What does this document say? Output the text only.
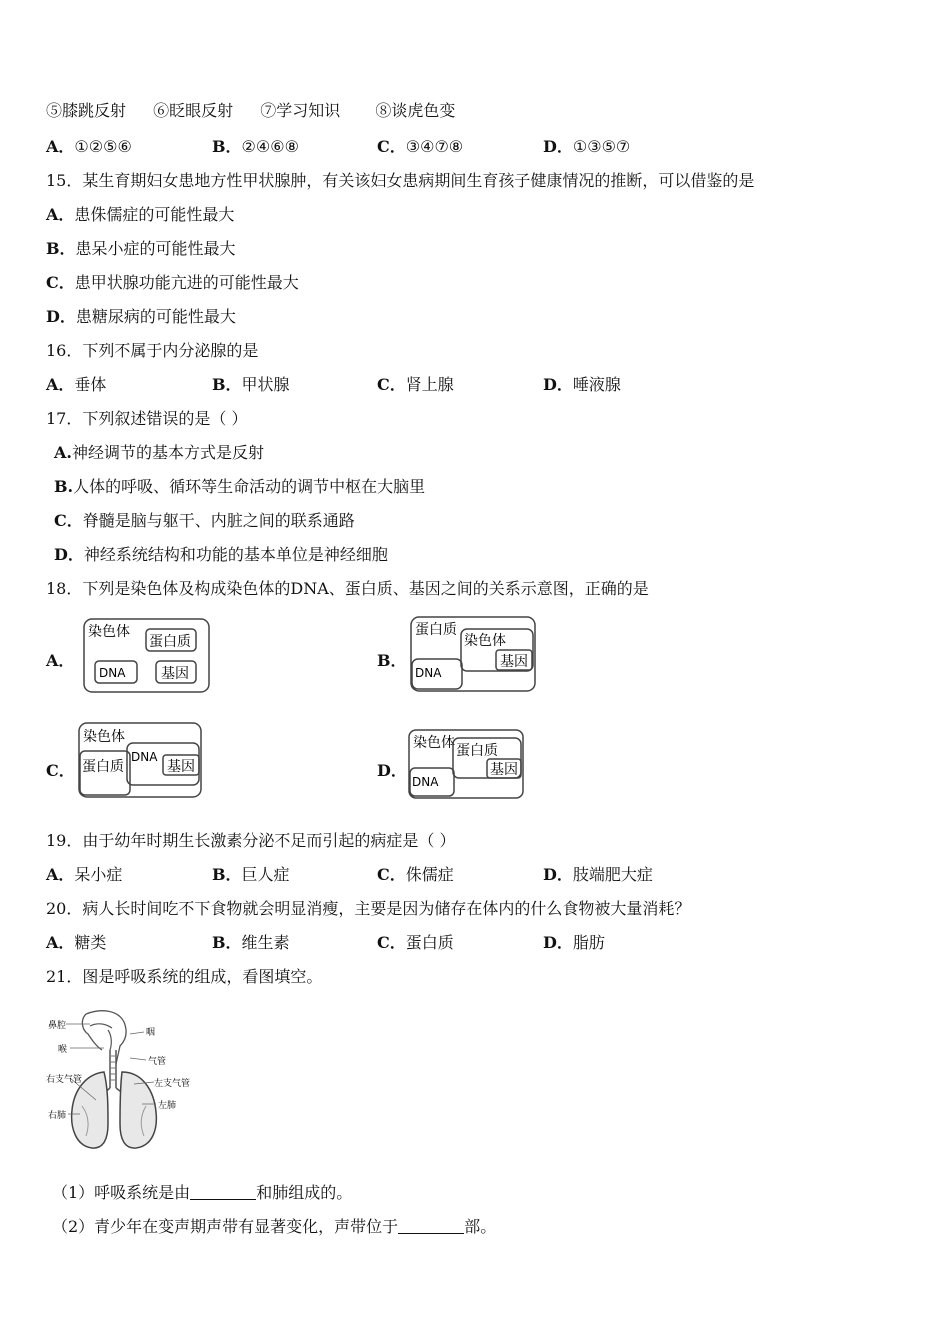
⑤膝跳反射 ⑥眨眼反射 ⑦学习知识 ⑧谈虎色变
A．①②⑤⑥	B．②④⑥⑧	C．③④⑦⑧	D．①③⑤⑦
15．某生育期妇女患地方性甲状腺肿，有关该妇女患病期间生育孩子健康情况的推断，可以借鉴的是
A．患侏儒症的可能性最大
B．患呆小症的可能性最大
C．患甲状腺功能亢进的可能性最大
D．患糖尿病的可能性最大
16．下列不属于内分泌腺的是
A．垂体	B．甲状腺	C．肾上腺	D．唾液腺
17．下列叙述错误的是（ ）
A.神经调节的基本方式是反射
B.人体的呼吸、循环等生命活动的调节中枢在大脑里
C．脊髓是脑与躯干、内脏之间的联系通路
D．神经系统结构和功能的基本单位是神经细胞
18．下列是染色体及构成染色体的DNA、蛋白质、基因之间的关系示意图，正确的是
A．
染色体
蛋白质
DNA	基因
B．
蛋白质
染色体
基因
DNA
C．
染色体
蛋白质
DNA
基因	D．
染色体 蛋白质
基因
DNA
19．由于幼年时期生长激素分泌不足而引起的病症是（ ）
A．呆小症	B．巨人症	C．侏儒症	D．肢端肥大症
20．病人长时间吃不下食物就会明显消瘦，主要是因为储存在体内的什么食物被大量消耗？
A．糖类	B．维生素	C．蛋白质	D．脂肪
21．图是呼吸系统的组成，看图填空。
鼻腔
咽
喉
气管
右支气管	左支气管
右肺
左肺
（1）呼吸系统是由	和肺组成的。
（2）青少年在变声期声带有显著变化，声带位于	部。
